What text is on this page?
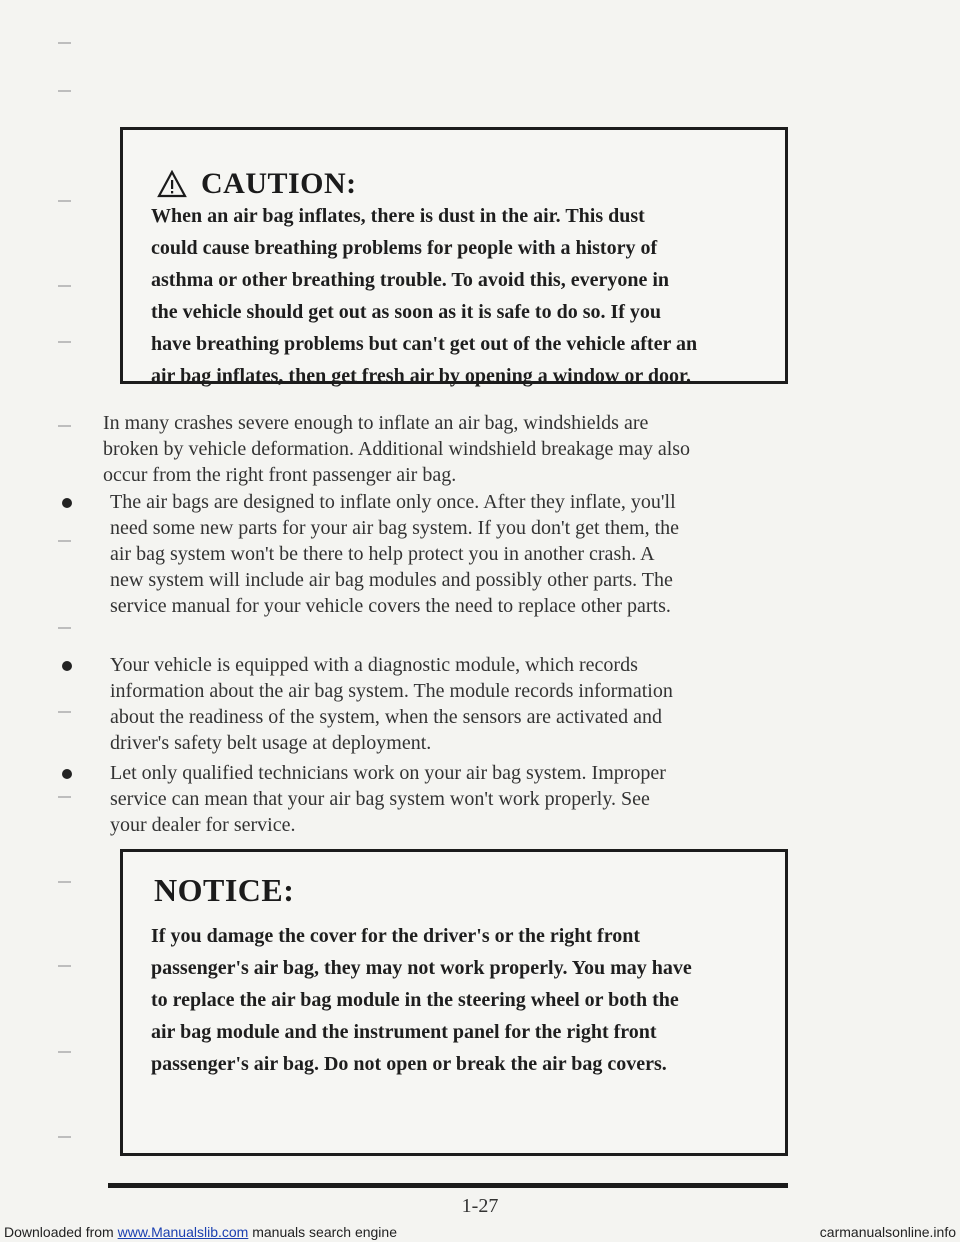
CAUTION:
When an air bag inflates, there is dust in the air. This dust
could cause breathing problems for people with a history of
asthma or other breathing trouble. To avoid this, everyone in
the vehicle should get out as soon as it is safe to do so. If you
have breathing problems but can't get out of the vehicle after an
air bag inflates, then get fresh air by opening a window or door.
In many crashes severe enough to inflate an air bag, windshields are
broken by vehicle deformation. Additional windshield breakage may also
occur from the right front passenger air bag.
The air bags are designed to inflate only once. After they inflate, you'll
need some new parts for your air bag system. If you don't get them, the
air bag system won't be there to help protect you in another crash. A
new system will include air bag modules and possibly other parts. The
service manual for your vehicle covers the need to replace other parts.
Your vehicle is equipped with a diagnostic module, which records
information about the air bag system. The module records information
about the readiness of the system, when the sensors are activated and
driver's safety belt usage at deployment.
Let only qualified technicians work on your air bag system. Improper
service can mean that your air bag system won't work properly. See
your dealer for service.
NOTICE:
If you damage the cover for the driver's or the right front
passenger's air bag, they may not work properly. You may have
to replace the air bag module in the steering wheel or both the
air bag module and the instrument panel for the right front
passenger's air bag. Do not open or break the air bag covers.
1-27
Downloaded from www.Manualslib.com manuals search engine	carmanualsonline.info
